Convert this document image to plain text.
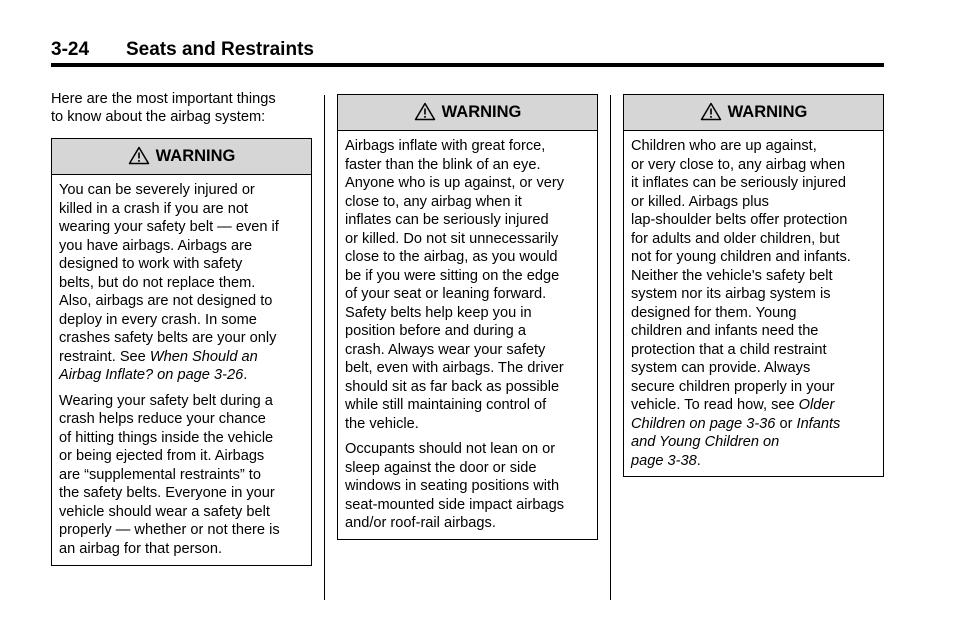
3-24 Seats and Restraints
Here are the most important things
to know about the airbag system:
WARNING

You can be severely injured or
killed in a crash if you are not
wearing your safety belt — even if
you have airbags. Airbags are
designed to work with safety
belts, but do not replace them.
Also, airbags are not designed to
deploy in every crash. In some
crashes safety belts are your only
restraint. See When Should an
Airbag Inflate? on page 3-26.

Wearing your safety belt during a
crash helps reduce your chance
of hitting things inside the vehicle
or being ejected from it. Airbags
are “supplemental restraints” to
the safety belts. Everyone in your
vehicle should wear a safety belt
properly — whether or not there is
an airbag for that person.

WARNING

Airbags inflate with great force,
faster than the blink of an eye.
Anyone who is up against, or very
close to, any airbag when it
inflates can be seriously injured
or killed. Do not sit unnecessarily
close to the airbag, as you would
be if you were sitting on the edge
of your seat or leaning forward.
Safety belts help keep you in
position before and during a
crash. Always wear your safety
belt, even with airbags. The driver
should sit as far back as possible
while still maintaining control of
the vehicle.

Occupants should not lean on or
sleep against the door or side
windows in seating positions with
seat-mounted side impact airbags
and/or roof-rail airbags.

WARNING

Children who are up against,
or very close to, any airbag when
it inflates can be seriously injured
or killed. Airbags plus
lap-shoulder belts offer protection
for adults and older children, but
not for young children and infants.
Neither the vehicle's safety belt
system nor its airbag system is
designed for them. Young
children and infants need the
protection that a child restraint
system can provide. Always
secure children properly in your
vehicle. To read how, see Older
Children on page 3-36 or Infants
and Young Children on
page 3-38.
